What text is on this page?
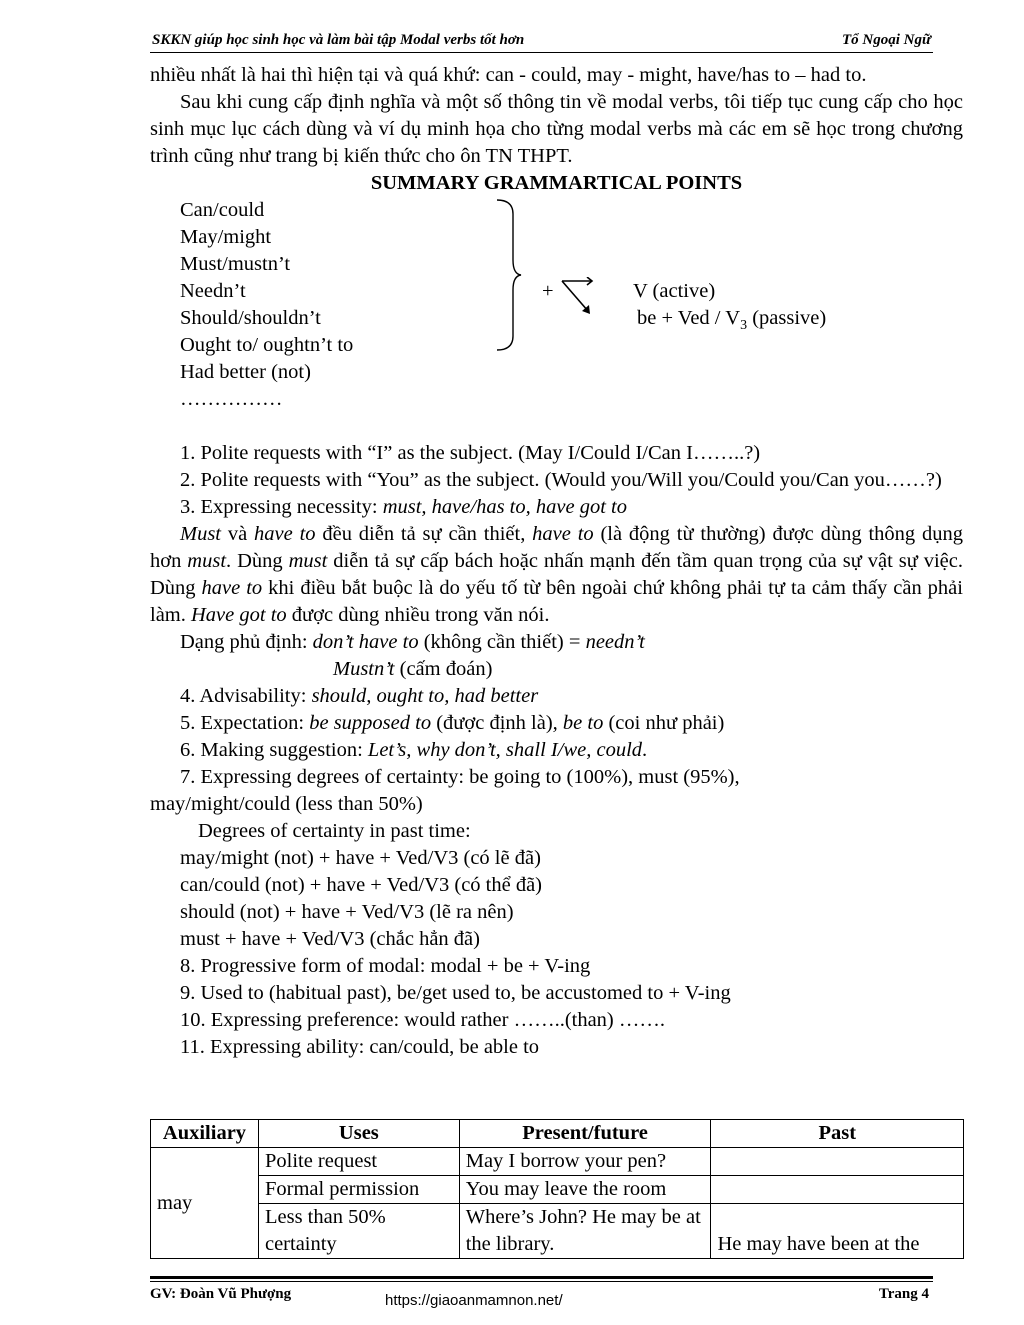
SKKN giúp học sinh học và làm bài tập Modal verbs tốt hơn	Tổ Ngoại Ngữ

nhiều nhất là hai thì hiện tại và quá khứ: can - could, may - might, have/has to – had to.

Sau khi cung cấp định nghĩa và một số thông tin về modal verbs, tôi tiếp tục cung cấp cho học sinh mục lục cách dùng và ví dụ minh họa cho từng modal verbs mà các em sẽ học trong chương trình cũng như trang bị kiến thức cho ôn TN THPT.

SUMMARY GRAMMARTICAL POINTS

Can/could
May/might
Must/mustn’t
Needn’t
Should/shouldn’t
Ought to/ oughtn’t to
Had better (not)
……………
+	V (active)
be + Ved / $V_3$ (passive)

1. Polite requests with “I” as the subject. (May I/Could I/Can I……..?)

2. Polite requests with “You” as the subject. (Would you/Will you/Could you/Can you……?)

3. Expressing necessity: must, have/has to, have got to

Must và have to đều diễn tả sự cần thiết, have to (là động từ thường) được dùng thông dụng hơn must. Dùng must diễn tả sự cấp bách hoặc nhấn mạnh đến tầm quan trọng của sự vật sự việc. Dùng have to khi điều bắt buộc là do yếu tố từ bên ngoài chứ không phải tự ta cảm thấy cần phải làm. Have got to được dùng nhiều trong văn nói.

Dạng phủ định: don’t have to (không cần thiết) = needn’t

Mustn’t (cấm đoán)

4. Advisability: should, ought to, had better

5. Expectation: be supposed to (được định là), be to (coi như phải)

6. Making suggestion: Let’s, why don’t, shall I/we, could.

7. Expressing degrees of certainty: be going to (100%), must (95%),

may/might/could (less than 50%)

Degrees of certainty in past time:

may/might (not) + have + Ved/V3 (có lẽ đã)

can/could (not) + have + Ved/V3 (có thể đã)

should (not) + have + Ved/V3 (lẽ ra nên)

must + have + Ved/V3 (chắc hẳn đã)

8. Progressive form of modal: modal + be + V-ing

9. Used to (habitual past), be/get used to, be accustomed to + V-ing

10. Expressing preference: would rather ……..(than) …….

11. Expressing ability: can/could, be able to

Auxiliary	Uses	Present/future	Past
may	Polite request	May I borrow your pen?	
	Formal permission	You may leave the room	
	Less than 50% certainty	Where’s John? He may be at the library.	He may have been at the
GV: Đoàn Vũ Phượng	https://giaoanmamnon.net/	Trang 4
